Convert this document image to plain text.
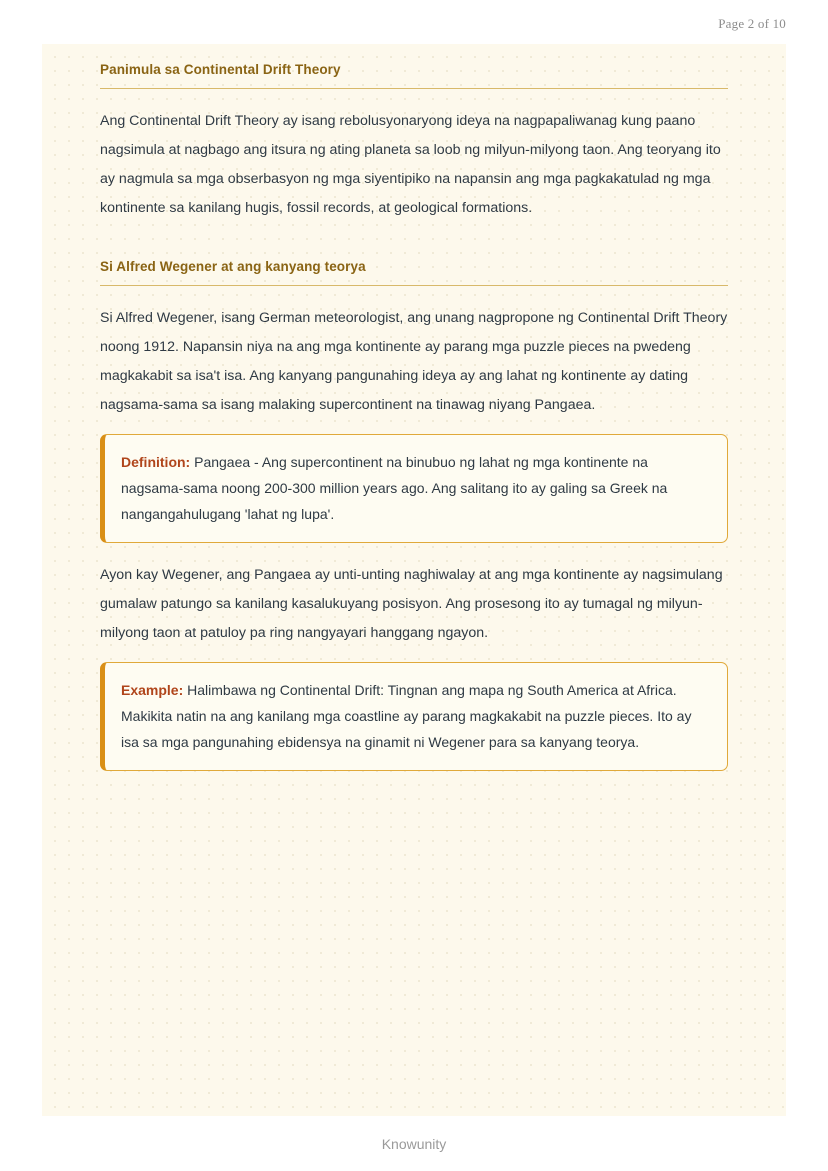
Page 2 of 10
Panimula sa Continental Drift Theory

Ang Continental Drift Theory ay isang rebolusyonaryong ideya na nagpapaliwanag kung paano nagsimula at nagbago ang itsura ng ating planeta sa loob ng milyun-milyong taon. Ang teoryang ito ay nagmula sa mga obserbasyon ng mga siyentipiko na napansin ang mga pagkakatulad ng mga kontinente sa kanilang hugis, fossil records, at geological formations.

Si Alfred Wegener at ang kanyang teorya

Si Alfred Wegener, isang German meteorologist, ang unang nagpropone ng Continental Drift Theory noong 1912. Napansin niya na ang mga kontinente ay parang mga puzzle pieces na pwedeng magkakabit sa isa't isa. Ang kanyang pangunahing ideya ay ang lahat ng kontinente ay dating nagsama-sama sa isang malaking supercontinent na tinawag niyang Pangaea.

Definition: Pangaea - Ang supercontinent na binubuo ng lahat ng mga kontinente na nagsama-sama noong 200-300 million years ago. Ang salitang ito ay galing sa Greek na nangangahulugang 'lahat ng lupa'.

Ayon kay Wegener, ang Pangaea ay unti-unting naghiwalay at ang mga kontinente ay nagsimulang gumalaw patungo sa kanilang kasalukuyang posisyon. Ang prosesong ito ay tumagal ng milyun-milyong taon at patuloy pa ring nangyayari hanggang ngayon.

Example: Halimbawa ng Continental Drift: Tingnan ang mapa ng South America at Africa. Makikita natin na ang kanilang mga coastline ay parang magkakabit na puzzle pieces. Ito ay isa sa mga pangunahing ebidensya na ginamit ni Wegener para sa kanyang teorya.

Knowunity
